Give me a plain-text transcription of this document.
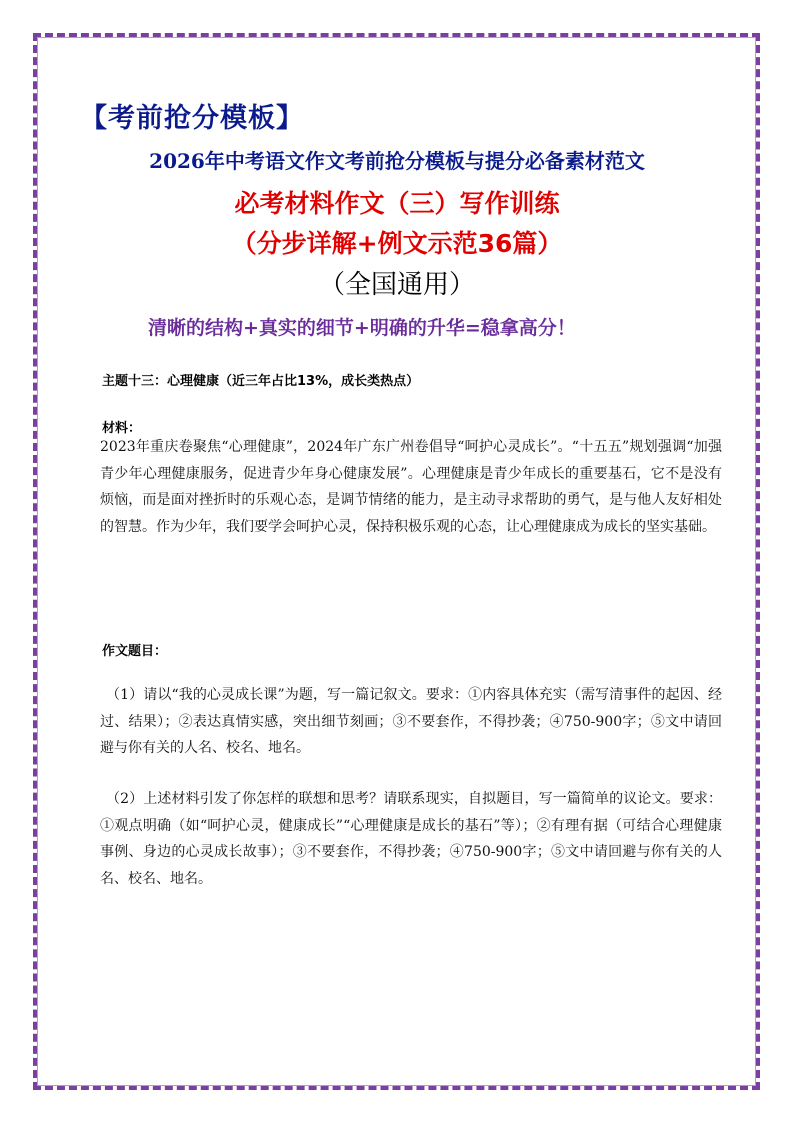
【考前抢分模板】
2026年中考语文作文考前抢分模板与提分必备素材范文
必考材料作文（三）写作训练
（分步详解+例文示范36篇）
（全国通用）
清晰的结构+真实的细节+明确的升华=稳拿高分！
主题十三：心理健康（近三年占比13%，成长类热点）
材料：
2023年重庆卷聚焦“心理健康”，2024年广东广州卷倡导“呵护心灵成长”。“十五五”规划强调“加强青少年心理健康服务，促进青少年身心健康发展”。心理健康是青少年成长的重要基石，它不是没有烦恼，而是面对挫折时的乐观心态，是调节情绪的能力，是主动寻求帮助的勇气，是与他人友好相处的智慧。作为少年，我们要学会呵护心灵，保持积极乐观的心态，让心理健康成为成长的坚实基础。
作文题目：
（1）请以“我的心灵成长课”为题，写一篇记叙文。要求：①内容具体充实（需写清事件的起因、经过、结果）；②表达真情实感，突出细节刻画；③不要套作，不得抄袭；④750-900字；⑤文中请回避与你有关的人名、校名、地名。
（2）上述材料引发了你怎样的联想和思考？请联系现实，自拟题目，写一篇简单的议论文。要求：①观点明确（如“呵护心灵，健康成长”“心理健康是成长的基石”等）；②有理有据（可结合心理健康事例、身边的心灵成长故事）；③不要套作，不得抄袭；④750-900字；⑤文中请回避与你有关的人名、校名、地名。
